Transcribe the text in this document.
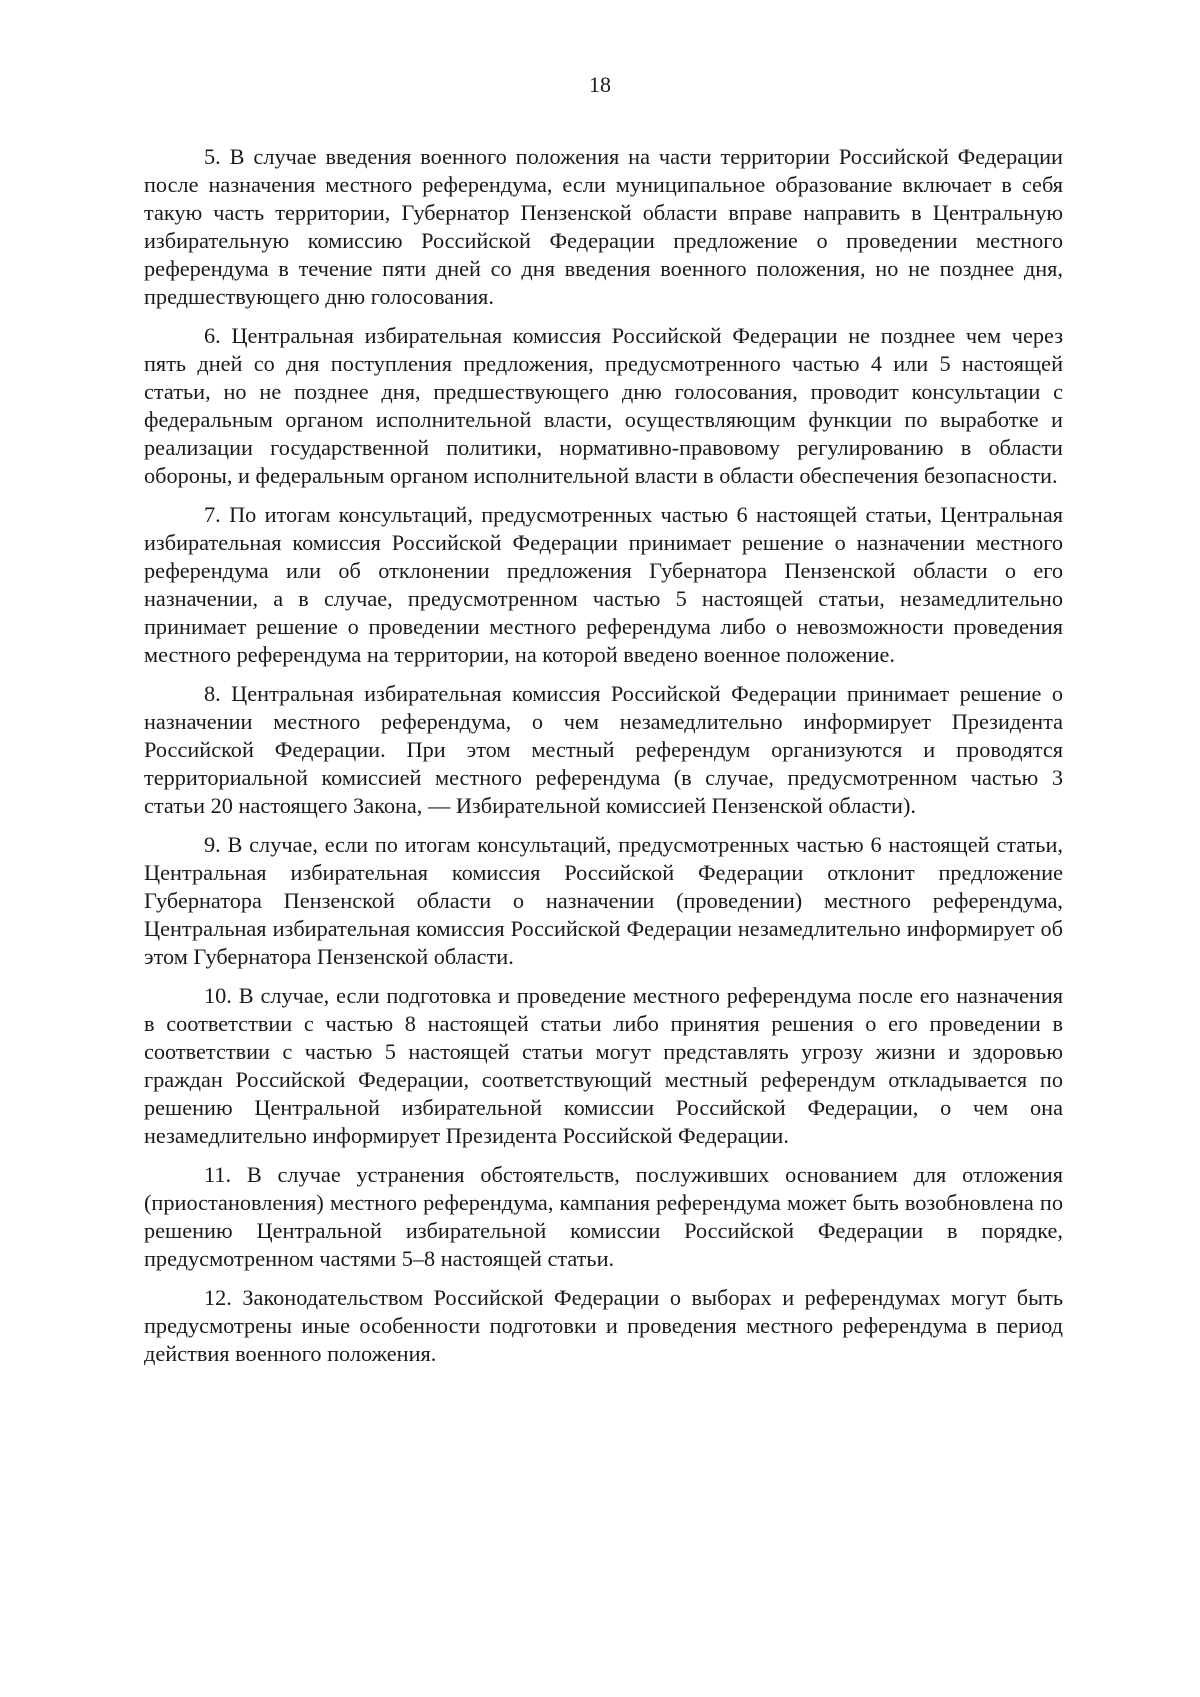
18

5. В случае введения военного положения на части территории Российской Федерации после назначения местного референдума, если муниципальное образование включает в себя такую часть территории, Губернатор Пензенской области вправе направить в Центральную избирательную комиссию Российской Федерации предложение о проведении местного референдума в течение пяти дней со дня введения военного положения, но не позднее дня, предшествующего дню голосования.

6. Центральная избирательная комиссия Российской Федерации не позднее чем через пять дней со дня поступления предложения, предусмотренного частью 4 или 5 настоящей статьи, но не позднее дня, предшествующего дню голосования, проводит консультации с федеральным органом исполнительной власти, осуществляющим функции по выработке и реализации государственной политики, нормативно-правовому регулированию в области обороны, и федеральным органом исполнительной власти в области обеспечения безопасности.

7. По итогам консультаций, предусмотренных частью 6 настоящей статьи, Центральная избирательная комиссия Российской Федерации принимает решение о назначении местного референдума или об отклонении предложения Губернатора Пензенской области о его назначении, а в случае, предусмотренном частью 5 настоящей статьи, незамедлительно принимает решение о проведении местного референдума либо о невозможности проведения местного референдума на территории, на которой введено военное положение.

8. Центральная избирательная комиссия Российской Федерации принимает решение о назначении местного референдума, о чем незамедлительно информирует Президента Российской Федерации. При этом местный референдум организуются и проводятся территориальной комиссией местного референдума (в случае, предусмотренном частью 3 статьи 20 настоящего Закона, — Избирательной комиссией Пензенской области).

9. В случае, если по итогам консультаций, предусмотренных частью 6 настоящей статьи, Центральная избирательная комиссия Российской Федерации отклонит предложение Губернатора Пензенской области о назначении (проведении) местного референдума, Центральная избирательная комиссия Российской Федерации незамедлительно информирует об этом Губернатора Пензенской области.

10. В случае, если подготовка и проведение местного референдума после его назначения в соответствии с частью 8 настоящей статьи либо принятия решения о его проведении в соответствии с частью 5 настоящей статьи могут представлять угрозу жизни и здоровью граждан Российской Федерации, соответствующий местный референдум откладывается по решению Центральной избирательной комиссии Российской Федерации, о чем она незамедлительно информирует Президента Российской Федерации.

11. В случае устранения обстоятельств, послуживших основанием для отложения (приостановления) местного референдума, кампания референдума может быть возобновлена по решению Центральной избирательной комиссии Российской Федерации в порядке, предусмотренном частями 5–8 настоящей статьи.

12. Законодательством Российской Федерации о выборах и референдумах могут быть предусмотрены иные особенности подготовки и проведения местного референдума в период действия военного положения.
